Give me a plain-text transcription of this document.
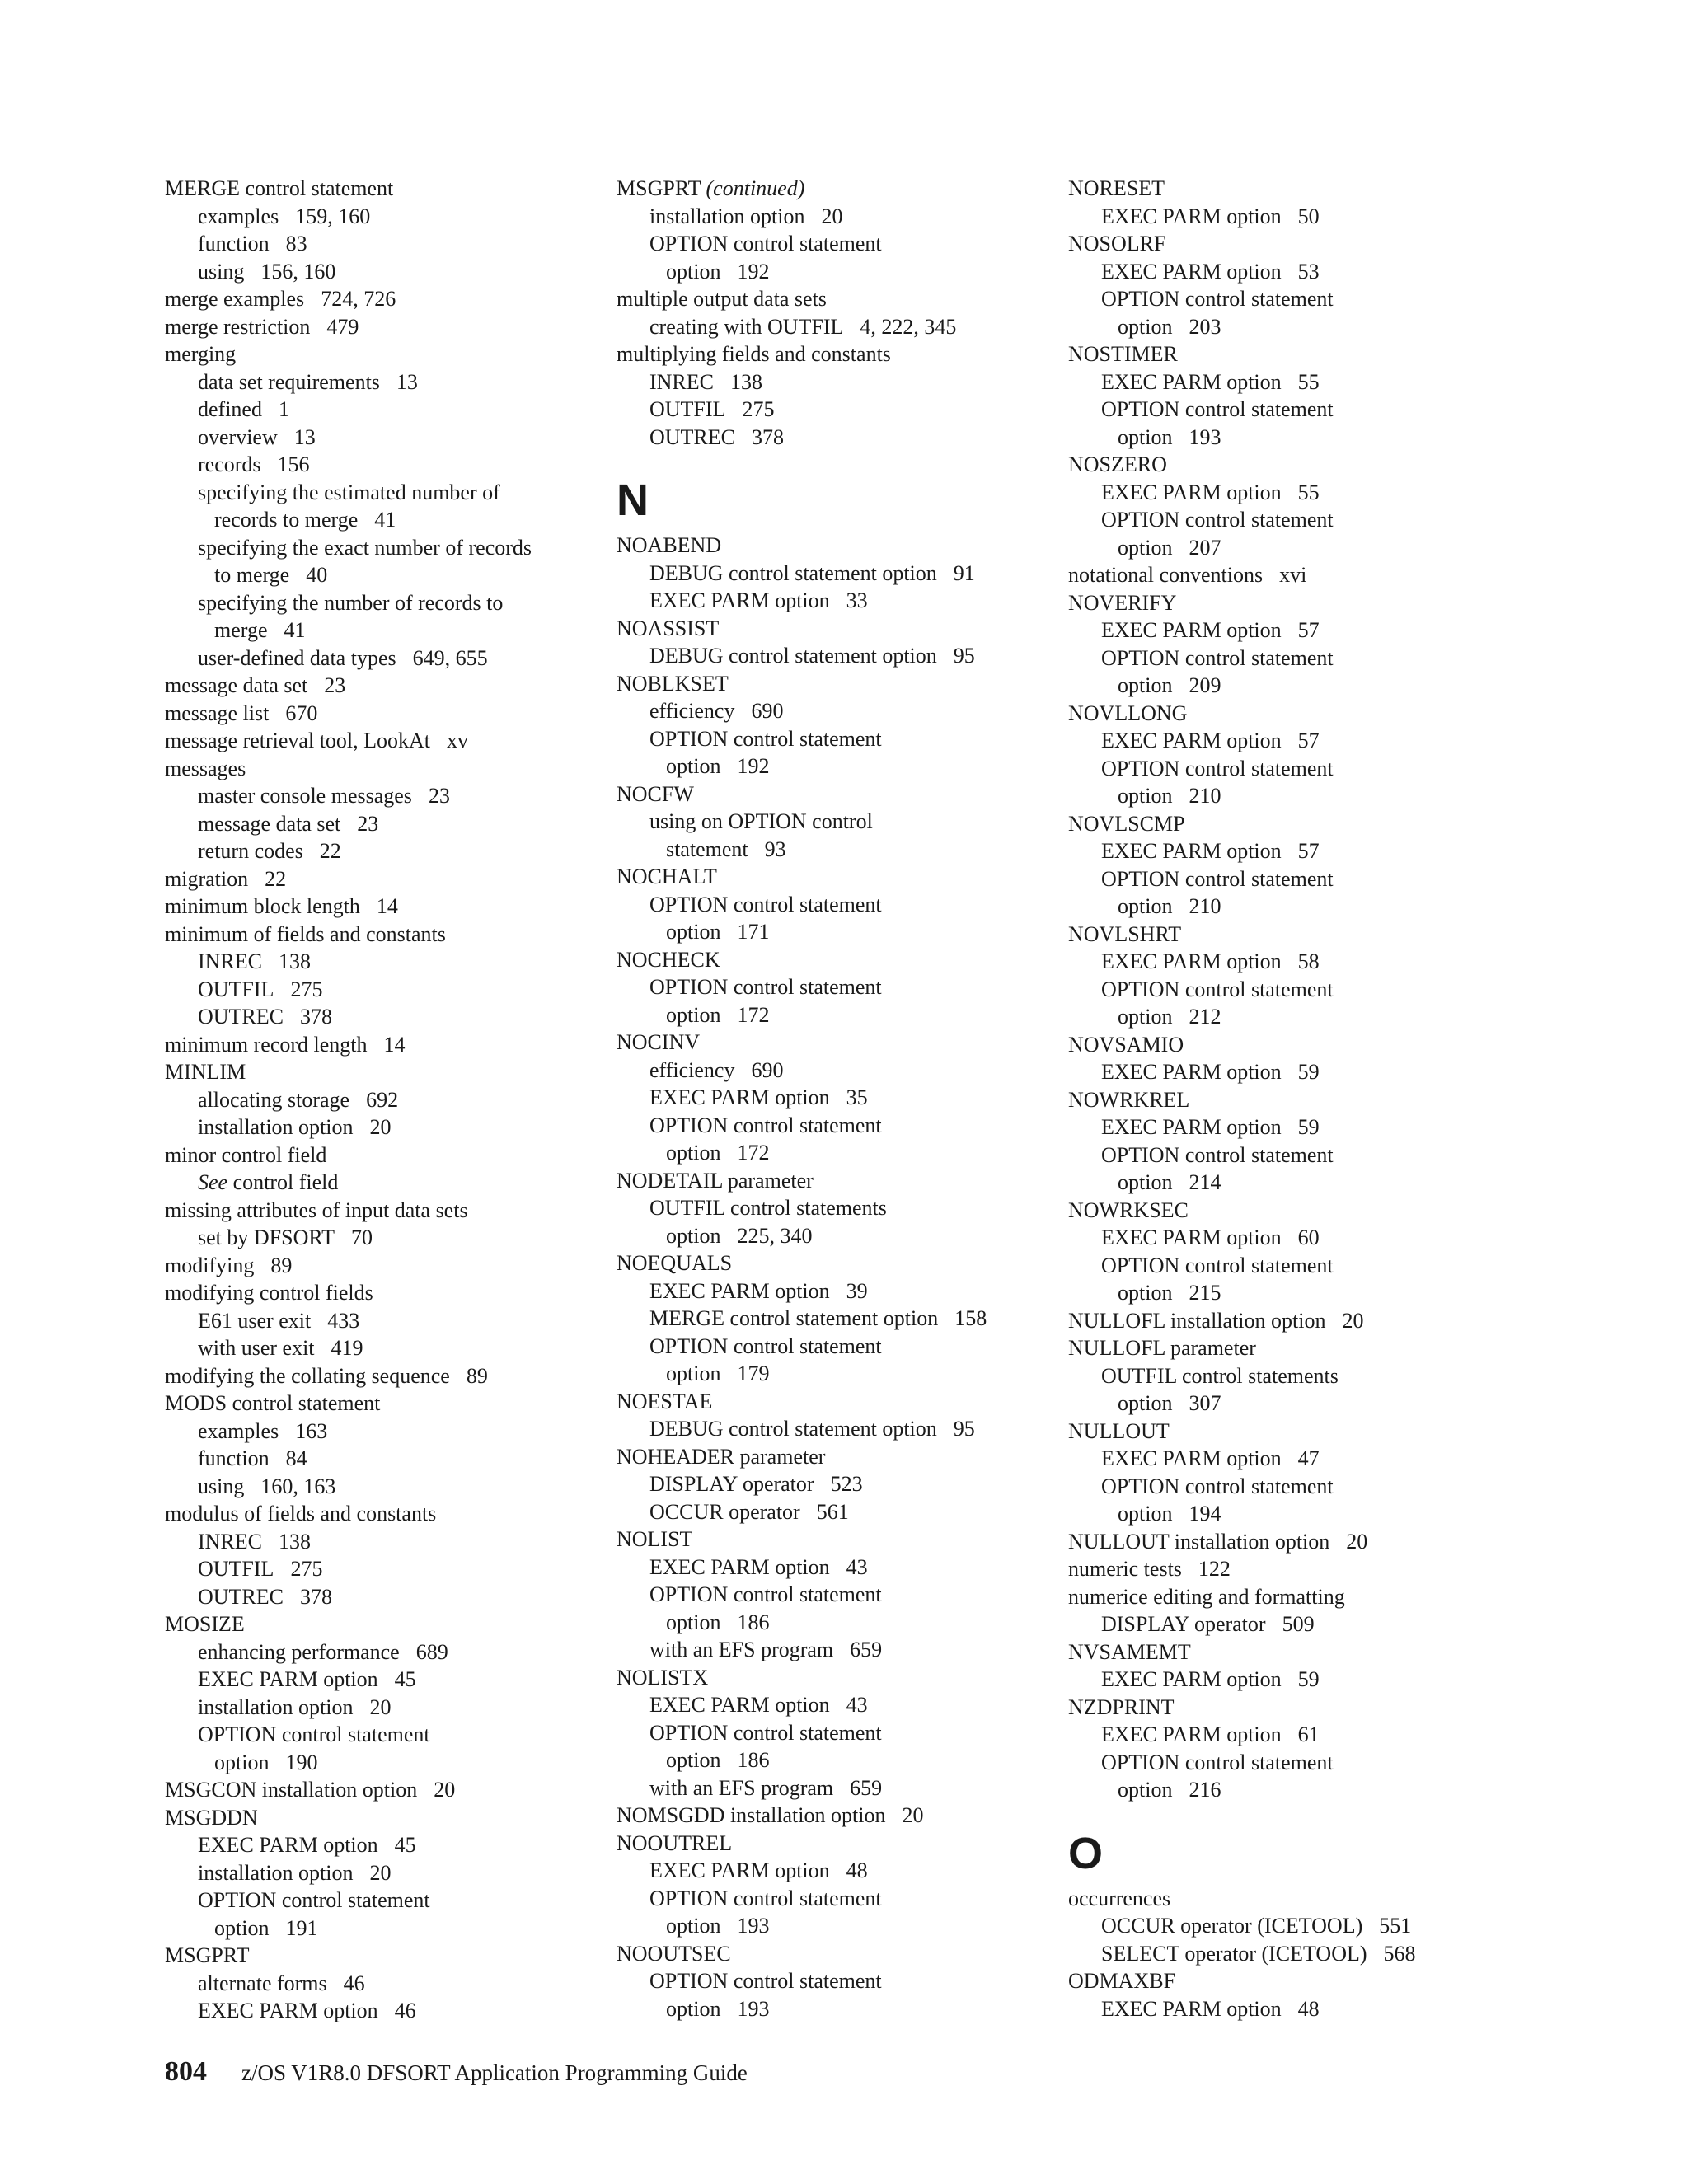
MERGE control statement
examples 159, 160
function 83
using 156, 160
merge examples 724, 726
merge restriction 479
merging
data set requirements 13
defined 1
overview 13
records 156
specifying the estimated number of
records to merge 41
specifying the exact number of records
to merge 40
specifying the number of records to
merge 41
user-defined data types 649, 655
message data set 23
message list 670
message retrieval tool, LookAt xv
messages
master console messages 23
message data set 23
return codes 22
migration 22
minimum block length 14
minimum of fields and constants
INREC 138
OUTFIL 275
OUTREC 378
minimum record length 14
MINLIM
allocating storage 692
installation option 20
minor control field
See control field
missing attributes of input data sets
set by DFSORT 70
modifying 89
modifying control fields
E61 user exit 433
with user exit 419
modifying the collating sequence 89
MODS control statement
examples 163
function 84
using 160, 163
modulus of fields and constants
INREC 138
OUTFIL 275
OUTREC 378
MOSIZE
enhancing performance 689
EXEC PARM option 45
installation option 20
OPTION control statement
option 190
MSGCON installation option 20
MSGDDN
EXEC PARM option 45
installation option 20
OPTION control statement
option 191
MSGPRT
alternate forms 46
EXEC PARM option 46
MSGPRT (continued)
installation option 20
OPTION control statement
option 192
multiple output data sets
creating with OUTFIL 4, 222, 345
multiplying fields and constants
INREC 138
OUTFIL 275
OUTREC 378
N
NOABEND
DEBUG control statement option 91
EXEC PARM option 33
NOASSIST
DEBUG control statement option 95
NOBLKSET
efficiency 690
OPTION control statement
option 192
NOCFW
using on OPTION control
statement 93
NOCHALT
OPTION control statement
option 171
NOCHECK
OPTION control statement
option 172
NOCINV
efficiency 690
EXEC PARM option 35
OPTION control statement
option 172
NODETAIL parameter
OUTFIL control statements
option 225, 340
NOEQUALS
EXEC PARM option 39
MERGE control statement option 158
OPTION control statement
option 179
NOESTAE
DEBUG control statement option 95
NOHEADER parameter
DISPLAY operator 523
OCCUR operator 561
NOLIST
EXEC PARM option 43
OPTION control statement
option 186
with an EFS program 659
NOLISTX
EXEC PARM option 43
OPTION control statement
option 186
with an EFS program 659
NOMSGDD installation option 20
NOOUTREL
EXEC PARM option 48
OPTION control statement
option 193
NOOUTSEC
OPTION control statement
option 193
NORESET
EXEC PARM option 50
NOSOLRF
EXEC PARM option 53
OPTION control statement
option 203
NOSTIMER
EXEC PARM option 55
OPTION control statement
option 193
NOSZERO
EXEC PARM option 55
OPTION control statement
option 207
notational conventions xvi
NOVERIFY
EXEC PARM option 57
OPTION control statement
option 209
NOVLLONG
EXEC PARM option 57
OPTION control statement
option 210
NOVLSCMP
EXEC PARM option 57
OPTION control statement
option 210
NOVLSHRT
EXEC PARM option 58
OPTION control statement
option 212
NOVSAMIO
EXEC PARM option 59
NOWRKREL
EXEC PARM option 59
OPTION control statement
option 214
NOWRKSEC
EXEC PARM option 60
OPTION control statement
option 215
NULLOFL installation option 20
NULLOFL parameter
OUTFIL control statements
option 307
NULLOUT
EXEC PARM option 47
OPTION control statement
option 194
NULLOUT installation option 20
numeric tests 122
numerice editing and formatting
DISPLAY operator 509
NVSAMEMT
EXEC PARM option 59
NZDPRINT
EXEC PARM option 61
OPTION control statement
option 216
O
occurrences
OCCUR operator (ICETOOL) 551
SELECT operator (ICETOOL) 568
ODMAXBF
EXEC PARM option 48
804 z/OS V1R8.0 DFSORT Application Programming Guide
